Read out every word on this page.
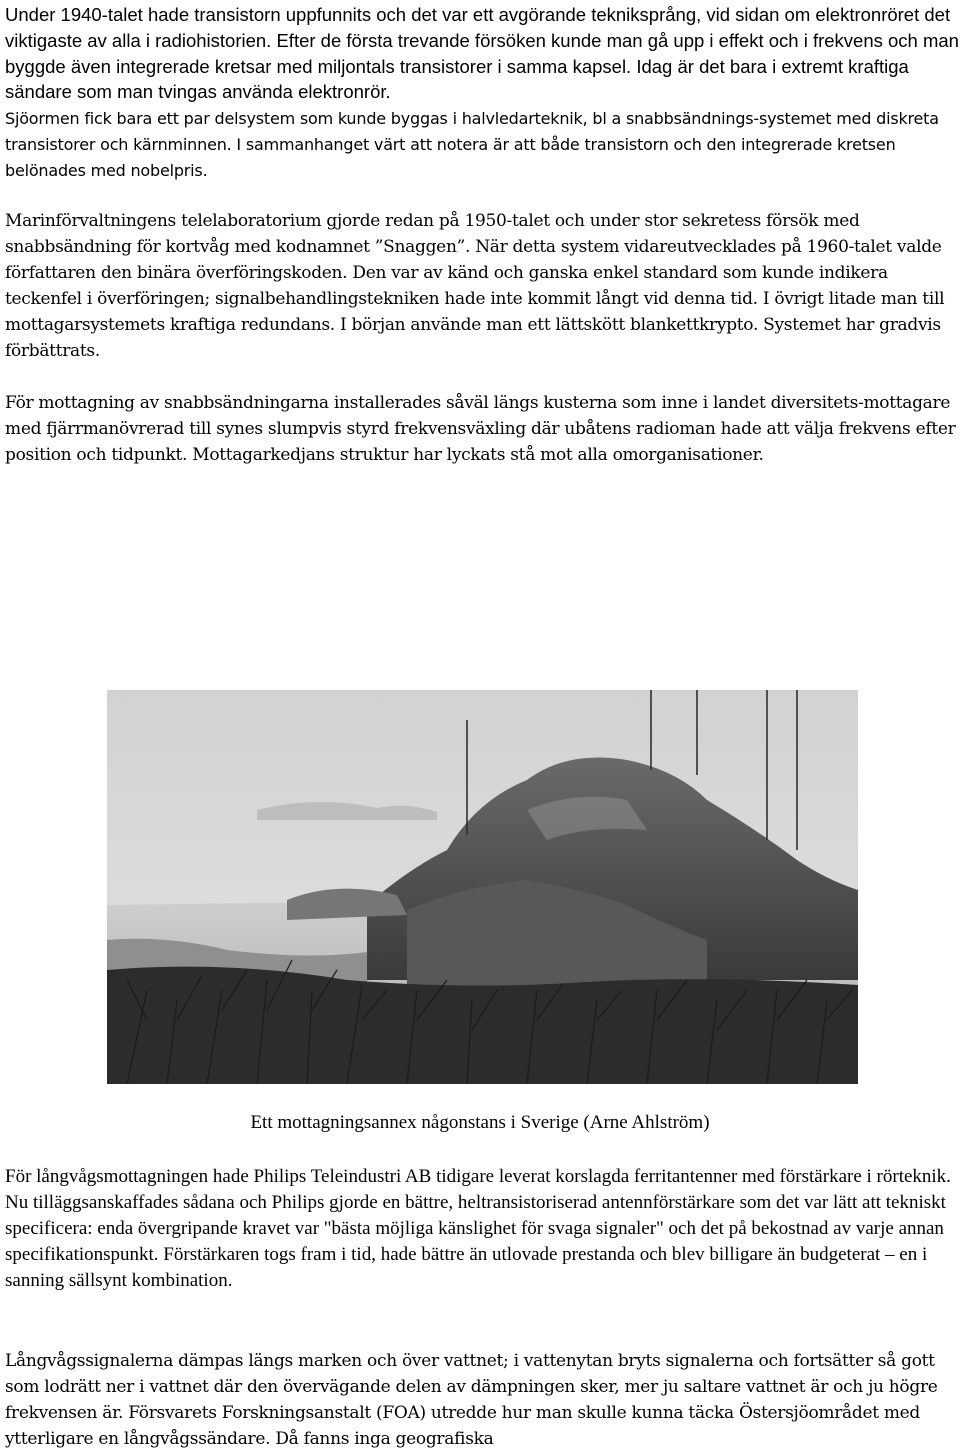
Under 1940-talet hade transistorn uppfunnits och det var ett avgörande tekniksprång, vid sidan om elektronröret det viktigaste av alla i radiohistorien. Efter de första trevande försöken kunde man gå upp i effekt och i frekvens och man byggde även integrerade kretsar med miljontals transistorer i samma kapsel. Idag är det bara i extremt kraftiga sändare som man tvingas använda elektronrör.

Sjöormen fick bara ett par delsystem som kunde byggas i halvledarteknik, bl a snabbsändnings-systemet med diskreta transistorer och kärnminnen. I sammanhanget värt att notera är att både transistorn och den integrerade kretsen belönades med nobelpris.

Marinförvaltningens telelaboratorium gjorde redan på 1950-talet och under stor sekretess försök med snabbsändning för kortvåg med kodnamnet ”Snaggen”. När detta system vidareutvecklades på 1960-talet valde författaren den binära överföringskoden. Den var av känd och ganska enkel standard som kunde indikera teckenfel i överföringen; signalbehandlingstekniken hade inte kommit långt vid denna tid. I övrigt litade man till mottagarsystemets kraftiga redundans. I början använde man ett lättskött blankettkrypto. Systemet har gradvis förbättrats.

För mottagning av snabbsändningarna installerades såväl längs kusterna som inne i landet diversitets-mottagare med fjärrmanövrerad till synes slumpvis styrd frekvensväxling där ubåtens radioman hade att välja frekvens efter position och tidpunkt. Mottagarkedjans struktur har lyckats stå mot alla omorganisationer.

Ett mottagningsannex någonstans i Sverige (Arne Ahlström)

För långvågsmottagningen hade Philips Teleindustri AB tidigare leverat korslagda ferritantenner med förstärkare i rörteknik. Nu tilläggsanskaffades sådana och Philips gjorde en bättre, heltransistoriserad antennförstärkare som det var lätt att tekniskt specificera: enda övergripande kravet var "bästa möjliga känslighet för svaga signaler" och det på bekostnad av varje annan specifikationspunkt. Förstärkaren togs fram i tid, hade bättre än utlovade prestanda och blev billigare än budgeterat – en i sanning sällsynt kombination.

Långvågssignalerna dämpas längs marken och över vattnet; i vattenytan bryts signalerna och fortsätter så gott som lodrätt ner i vattnet där den övervägande delen av dämpningen sker, mer ju saltare vattnet är och ju högre frekvensen är. Försvarets Forskningsanstalt (FOA) utredde hur man skulle kunna täcka Östersjöområdet med ytterligare en långvågssändare. Då fanns inga geografiska
